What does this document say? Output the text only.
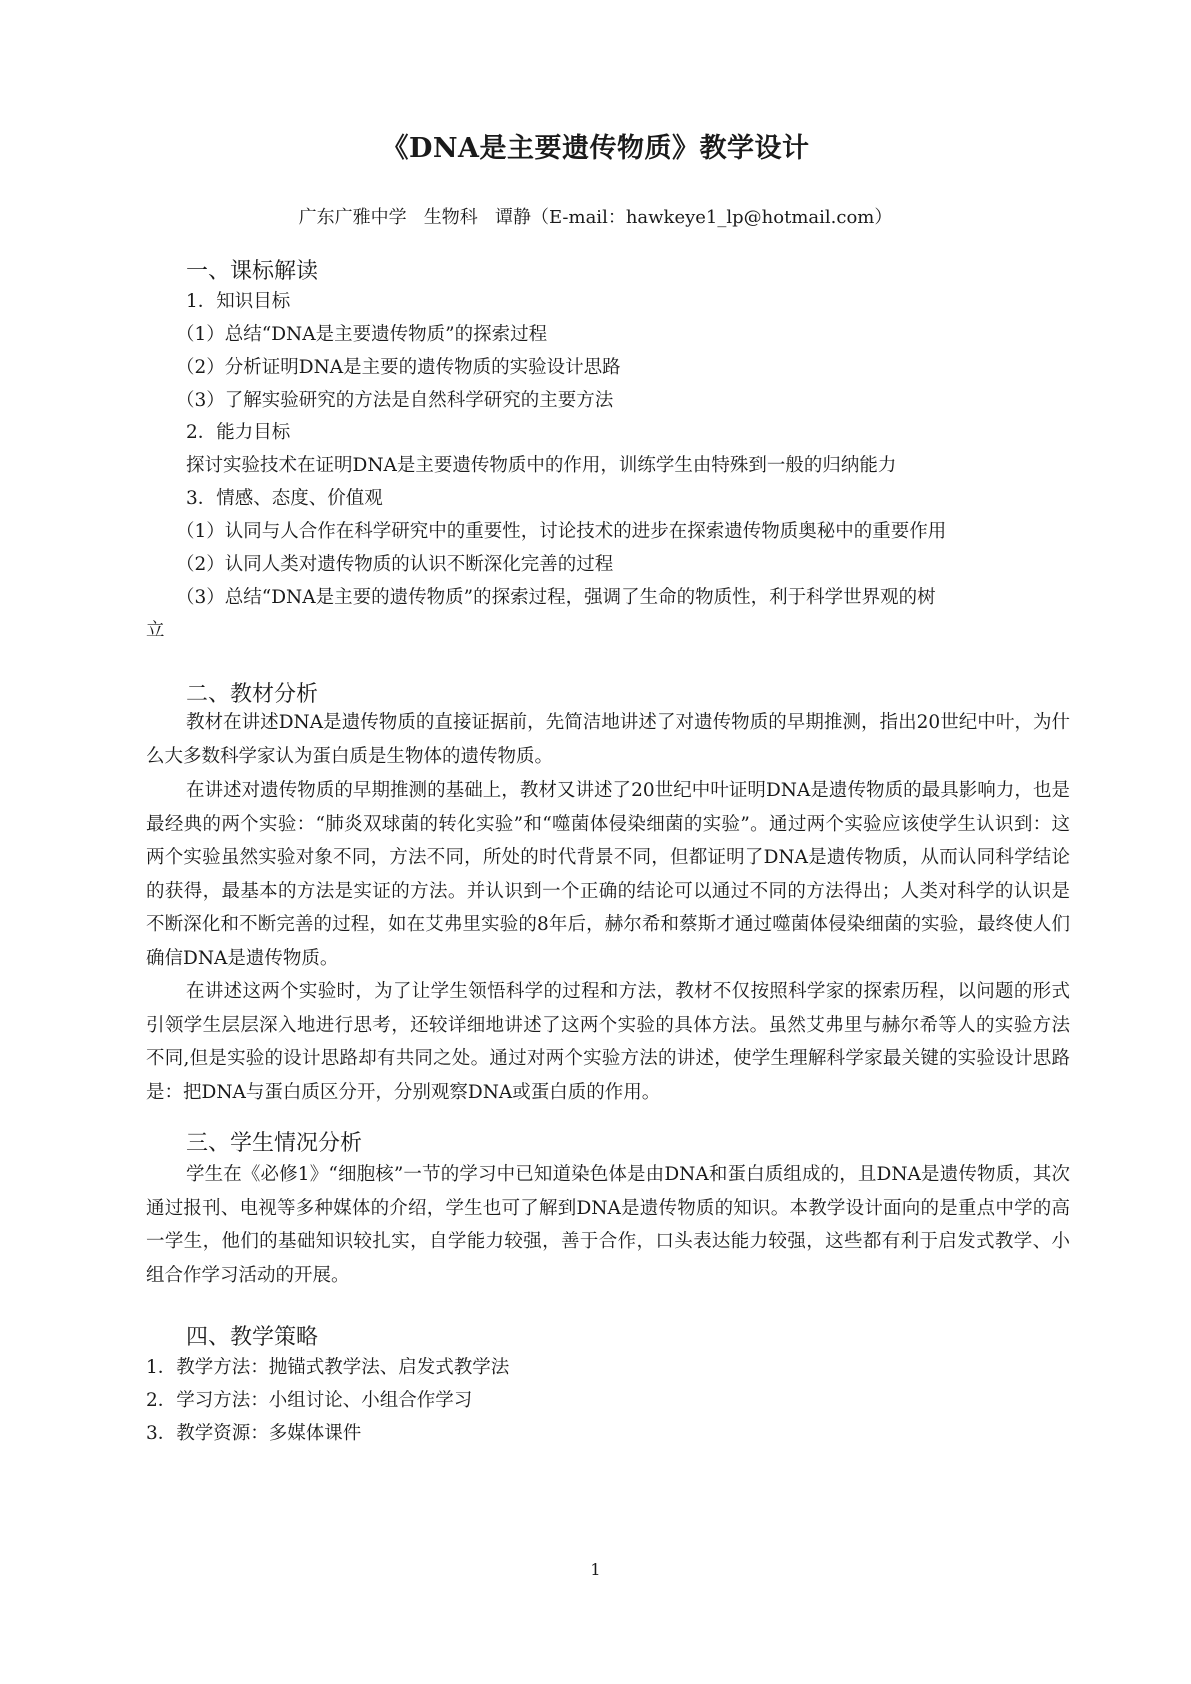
《DNA是主要遗传物质》教学设计

广东广雅中学   生物科   谭静（E-mail：hawkeye1_lp@hotmail.com）

一、课标解读

1．知识目标

（1）总结“DNA是主要遗传物质”的探索过程

（2）分析证明DNA是主要的遗传物质的实验设计思路

（3）了解实验研究的方法是自然科学研究的主要方法

2．能力目标

探讨实验技术在证明DNA是主要遗传物质中的作用，训练学生由特殊到一般的归纳能力

3．情感、态度、价值观

（1）认同与人合作在科学研究中的重要性，讨论技术的进步在探索遗传物质奥秘中的重要作用

（2）认同人类对遗传物质的认识不断深化完善的过程

（3）总结“DNA是主要的遗传物质”的探索过程，强调了生命的物质性，利于科学世界观的树

立

二、教材分析

教材在讲述DNA是遗传物质的直接证据前，先简洁地讲述了对遗传物质的早期推测，指出20世纪中叶，为什么大多数科学家认为蛋白质是生物体的遗传物质。

在讲述对遗传物质的早期推测的基础上，教材又讲述了20世纪中叶证明DNA是遗传物质的最具影响力，也是最经典的两个实验：“肺炎双球菌的转化实验”和“噬菌体侵染细菌的实验”。通过两个实验应该使学生认识到：这两个实验虽然实验对象不同，方法不同，所处的时代背景不同，但都证明了DNA是遗传物质，从而认同科学结论的获得，最基本的方法是实证的方法。并认识到一个正确的结论可以通过不同的方法得出；人类对科学的认识是不断深化和不断完善的过程，如在艾弗里实验的8年后，赫尔希和蔡斯才通过噬菌体侵染细菌的实验，最终使人们确信DNA是遗传物质。

在讲述这两个实验时，为了让学生领悟科学的过程和方法，教材不仅按照科学家的探索历程，以问题的形式引领学生层层深入地进行思考，还较详细地讲述了这两个实验的具体方法。虽然艾弗里与赫尔希等人的实验方法不同,但是实验的设计思路却有共同之处。通过对两个实验方法的讲述，使学生理解科学家最关键的实验设计思路是：把DNA与蛋白质区分开，分别观察DNA或蛋白质的作用。

三、学生情况分析

学生在《必修1》“细胞核”一节的学习中已知道染色体是由DNA和蛋白质组成的，且DNA是遗传物质，其次通过报刊、电视等多种媒体的介绍，学生也可了解到DNA是遗传物质的知识。本教学设计面向的是重点中学的高一学生，他们的基础知识较扎实，自学能力较强，善于合作，口头表达能力较强，这些都有利于启发式教学、小组合作学习活动的开展。

四、教学策略

1．教学方法：抛锚式教学法、启发式教学法

2．学习方法：小组讨论、小组合作学习

3．教学资源：多媒体课件

1
